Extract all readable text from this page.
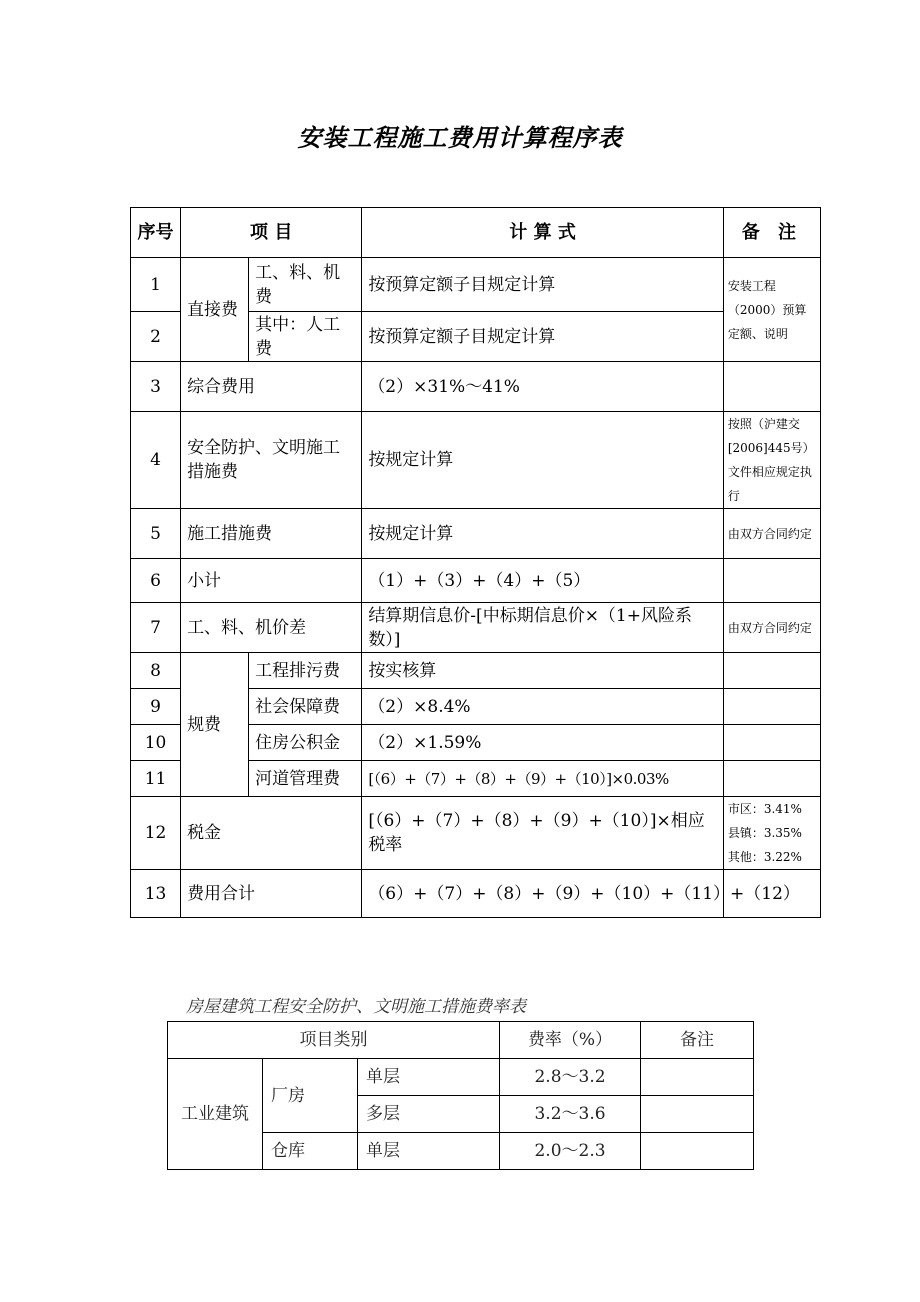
安装工程施工费用计算程序表
序号	项 目		计 算 式	备 注
1	直接费	工、料、机费	按预算定额子目规定计算	安装工程（2000）预算定额、说明
2		其中：人工费	按预算定额子目规定计算	
3	综合费用		（2）×31%～41%	
4	安全防护、文明施工措施费		按规定计算	按照（沪建交[2006]445号）文件相应规定执行
5	施工措施费		按规定计算	由双方合同约定
6	小计		（1）+（3）+（4）+（5）	
7	工、料、机价差		结算期信息价-[中标期信息价×（1+风险系数）]	由双方合同约定
8	规费	工程排污费	按实核算	
9		社会保障费	（2）×8.4%	
10		住房公积金	（2）×1.59%	
11		河道管理费	[（6）+（7）+（8）+（9）+（10）]×0.03%	
12	税金		[（6）+（7）+（8）+（9）+（10）]×相应税率	市区：3.41%
县镇：3.35%
其他：3.22%

13	费用合计		（6）+（7）+（8）+（9）+（10）+（11）+（12）	
房屋建筑工程安全防护、文明施工措施费率表
项目类别			费率（%）	备注
工业建筑	厂房	单层	2.8～3.2	
		多层	3.2～3.6	
	仓库	单层	2.0～2.3	
